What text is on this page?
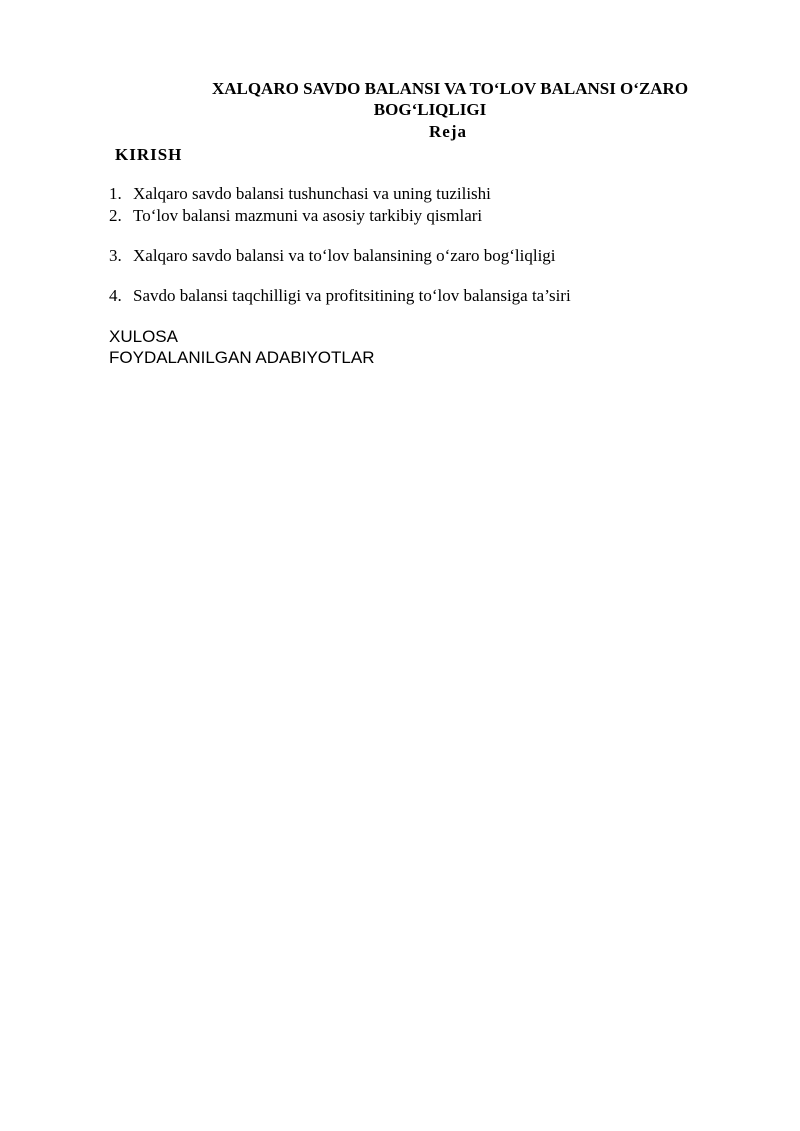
XALQARO SAVDO BALANSI VA TO‘LOV BALANSI O‘ZARO
BOG‘LIQLIGI
Reja
KIRISH
1. Xalqaro savdo balansi tushunchasi va uning tuzilishi
2. To‘lov balansi mazmuni va asosiy tarkibiy qismlari
3. Xalqaro savdo balansi va to‘lov balansining o‘zaro bog‘liqligi
4. Savdo balansi taqchilligi va profitsitining to‘lov balansiga ta’siri
XULOSA
FOYDALANILGAN ADABIYOTLAR
